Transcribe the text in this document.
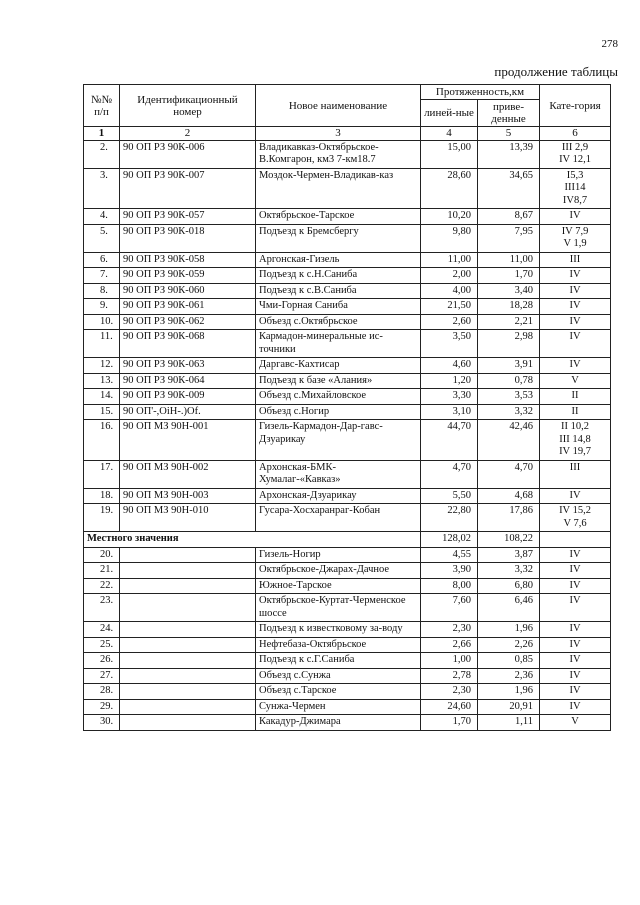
278
продолжение таблицы
№№ п/п	Идентификационный номер	Новое наименование	Протяженность,км		Кате-гория
			линей-ные	приве-денные	
1	2	3	4	5	6
2.	90 ОП РЗ 90К-006	Владикавказ-Октябрьское-В.Комгарон, км3 7-км18.7	15,00	13,39	III 2,9
IV 12,1

3.	90 ОП РЗ 90К-007	Моздок-Чермен-Владикав-каз	28,60	34,65	I5,3
III14
IV8,7

4.	90 ОП РЗ 90К-057	Октябрьское-Тарское	10,20	8,67	IV

5.	90 ОП РЗ 90К-018	Подъезд к Бремсбергу	9,80	7,95	IV 7,9
V 1,9

6.	90 ОП РЗ 90К-058	Аргонская-Гизель	11,00	11,00	III

7.	90 ОП РЗ 90К-059	Подъезд к с.Н.Саниба	2,00	1,70	IV

8.	90 ОП РЗ 90К-060	Подъезд к с.В.Саниба	4,00	3,40	IV

9.	90 ОП РЗ 90К-061	Чми-Горная Саниба	21,50	18,28	IV

10.	90 ОП РЗ 90К-062	Объезд с.Октябрьское	2,60	2,21	IV

11.	90 ОП РЗ 90К-068	Кармадон-минеральные ис-точники	3,50	2,98	IV

12.	90 ОП РЗ 90К-063	Даргавс-Кахтисар	4,60	3,91	IV

13.	90 ОП РЗ 90К-064	Подъезд к базе «Алания»	1,20	0,78	V

14.	90 ОП РЗ 90К-009	Объезд с.Михайловское	3,30	3,53	II

15.	90 ОП'-,OiH-.)Of.	Объезд с.Ногир	3,10	3,32	II

16.	90 ОП МЗ 90Н-001	Гизель-Кармадон-Дар-гавс-Дзуарикау	44,70	42,46	II 10,2
III 14,8
IV 19,7

17.	90 ОП МЗ 90Н-002	Архонская-БМК-Хумалаг-«Кавказ»	4,70	4,70	III

18.	90 ОП МЗ 90Н-003	Архонская-Дзуарикау	5,50	4,68	IV

19.	90 ОП МЗ 90Н-010	Гусара-Хосхаранраг-Кобан	22,80	17,86	IV 15,2
V 7,6

Местного значения			128,02	108,22	
20.		Гизель-Ногир	4,55	3,87	IV

21.		Октябрьское-Джарах-Дачное	3,90	3,32	IV

22.		Южное-Тарское	8,00	6,80	IV

23.		Октябрьское-Куртат-Черменское шоссе	7,60	6,46	IV

24.		Подъезд к известковому за-воду	2,30	1,96	IV

25.		Нефтебаза-Октябрьское	2,66	2,26	IV

26.		Подъезд к с.Г.Саниба	1,00	0,85	IV

27.		Объезд с.Сунжа	2,78	2,36	IV

28.		Объезд с.Тарское	2,30	1,96	IV

29.		Сунжа-Чермен	24,60	20,91	IV

30.		Какадур-Джимара	1,70	1,11	V
